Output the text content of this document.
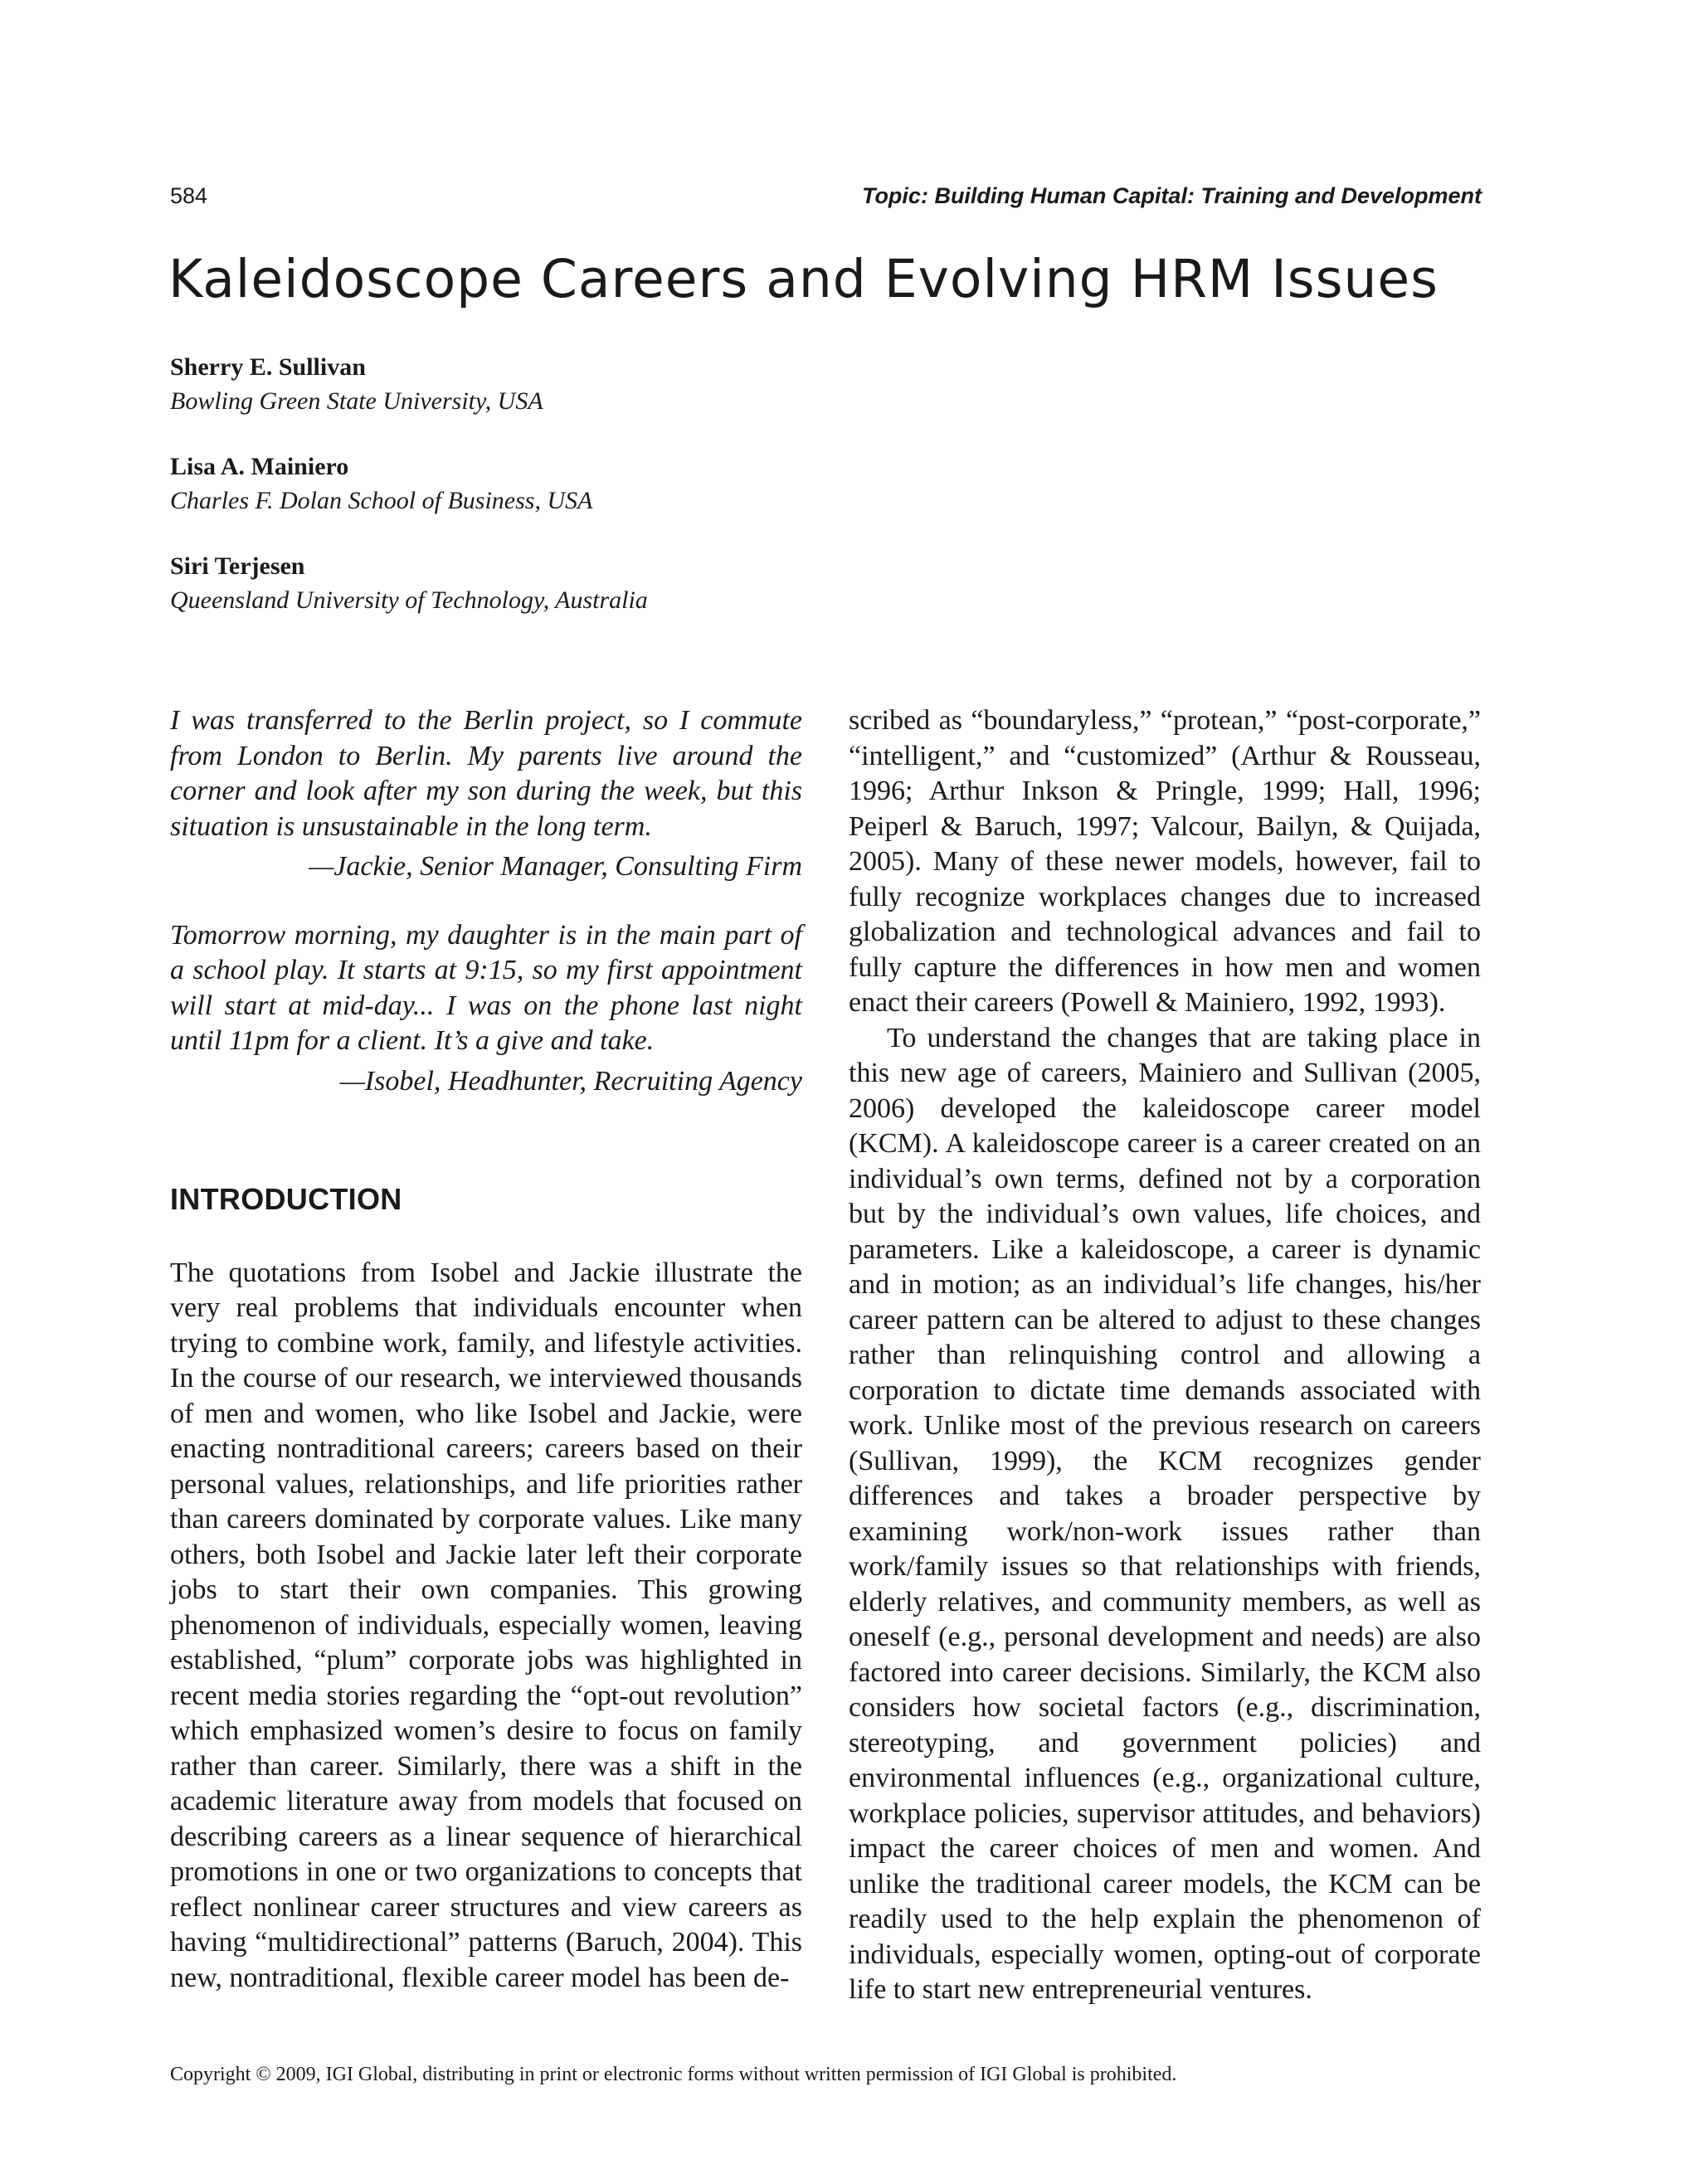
584	Topic: Building Human Capital: Training and Development
Kaleidoscope Careers and Evolving HRM Issues
Sherry E. Sullivan
Bowling Green State University, USA
Lisa A. Mainiero
Charles F. Dolan School of Business, USA
Siri Terjesen
Queensland University of Technology, Australia

I was transferred to the Berlin project, so I commute from London to Berlin. My parents live around the corner and look after my son during the week, but this situation is unsustainable in the long term.

—Jackie, Senior Manager, Consulting Firm

Tomorrow morning, my daughter is in the main part of a school play. It starts at 9:15, so my first appointment will start at mid-day... I was on the phone last night until 11pm for a client. It’s a give and take.

—Isobel, Headhunter, Recruiting Agency

INTRODUCTION

The quotations from Isobel and Jackie illustrate the very real problems that individuals encounter when trying to combine work, family, and lifestyle activities. In the course of our research, we interviewed thousands of men and women, who like Isobel and Jackie, were enacting nontraditional careers; careers based on their personal values, relationships, and life priorities rather than careers dominated by corporate values. Like many others, both Isobel and Jackie later left their corporate jobs to start their own companies. This growing phenomenon of individuals, especially women, leaving established, “plum” corporate jobs was highlighted in recent media stories regarding the “opt-out revolution” which emphasized women’s desire to focus on family rather than career. Similarly, there was a shift in the academic literature away from models that focused on describing careers as a linear sequence of hierarchical promotions in one or two organizations to concepts that reflect nonlinear career structures and view careers as having “multidirectional” patterns (Baruch, 2004). This new, nontraditional, flexible career model has been de-

scribed as “boundaryless,” “protean,” “post-corporate,” “intelligent,” and “customized” (Arthur & Rousseau, 1996; Arthur Inkson & Pringle, 1999; Hall, 1996; Peiperl & Baruch, 1997; Valcour, Bailyn, & Quijada, 2005). Many of these newer models, however, fail to fully recognize workplaces changes due to increased globalization and technological advances and fail to fully capture the differences in how men and women enact their careers (Powell & Mainiero, 1992, 1993).

To understand the changes that are taking place in this new age of careers, Mainiero and Sullivan (2005, 2006) developed the kaleidoscope career model (KCM). A kaleidoscope career is a career created on an individual’s own terms, defined not by a corporation but by the individual’s own values, life choices, and parameters. Like a kaleidoscope, a career is dynamic and in motion; as an individual’s life changes, his/her career pattern can be altered to adjust to these changes rather than relinquishing control and allowing a corporation to dictate time demands associated with work. Unlike most of the previous research on careers (Sullivan, 1999), the KCM recognizes gender differences and takes a broader perspective by examining work/non-work issues rather than work/family issues so that relationships with friends, elderly relatives, and community members, as well as oneself (e.g., personal development and needs) are also factored into career decisions. Similarly, the KCM also considers how societal factors (e.g., discrimination, stereotyping, and government policies) and environmental influences (e.g., organizational culture, workplace policies, supervisor attitudes, and behaviors) impact the career choices of men and women. And unlike the traditional career models, the KCM can be readily used to the help explain the phenomenon of individuals, especially women, opting-out of corporate life to start new entrepreneurial ventures.

Copyright © 2009, IGI Global, distributing in print or electronic forms without written permission of IGI Global is prohibited.
